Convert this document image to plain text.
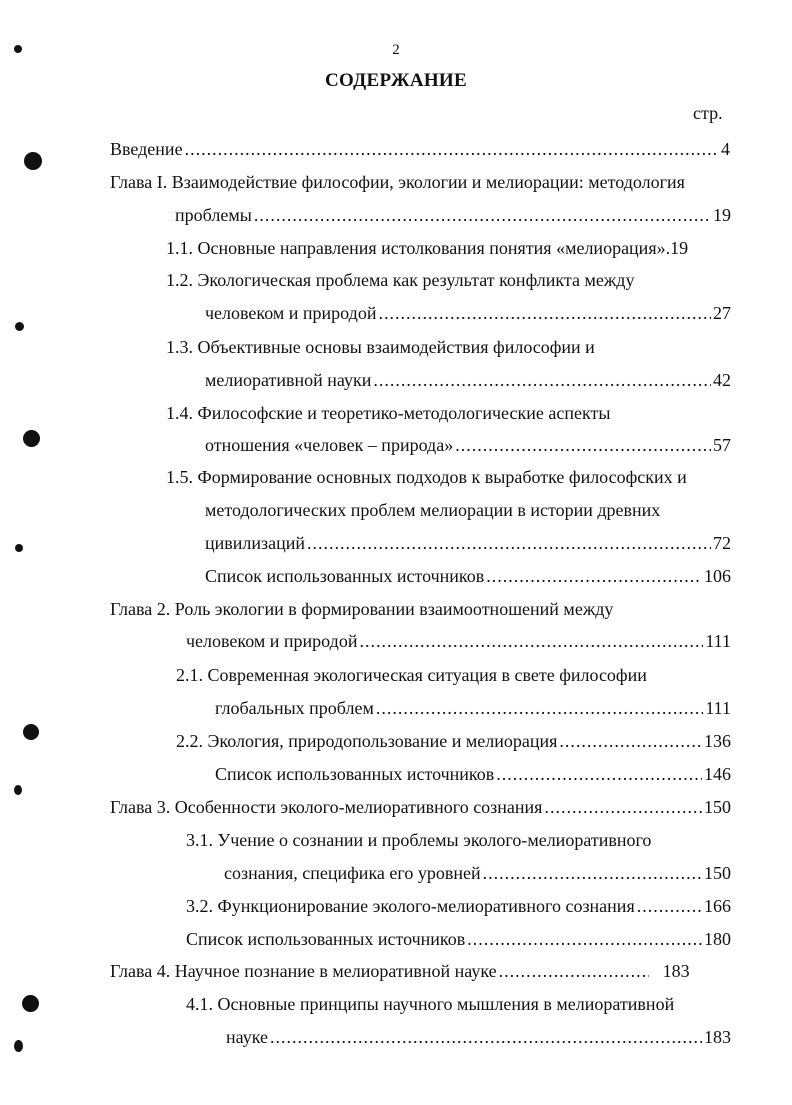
2
СОДЕРЖАНИЕ
стр.
Введение .....	4
Глава I. Взаимодействие философии, экологии и мелиорации: методология
проблемы .....	19
1.1. Основные направления истолкования понятия «мелиорация». 19
1.2. Экологическая проблема как результат конфликта между
человеком и природой .....	27
1.3. Объективные основы взаимодействия философии и
мелиоративной науки .....	42
1.4. Философские и теоретико-методологические аспекты
отношения «человек – природа» .....	57
1.5. Формирование основных подходов к выработке философских и
методологических проблем мелиорации в истории древних
цивилизаций .....	72
Список использованных источников .....	106
Глава 2. Роль экологии в формировании взаимоотношений между
человеком и природой .....	111
2.1. Современная экологическая ситуация в свете философии
глобальных проблем .....	111
2.2. Экология, природопользование и мелиорация .....	136
Список использованных источников .....	146
Глава 3. Особенности эколого-мелиоративного сознания .....	150
3.1. Учение о сознании и проблемы эколого-мелиоративного
сознания, специфика его уровней .....	150
3.2. Функционирование эколого-мелиоративного сознания .....	166
Список использованных источников .....	180
Глава 4. Научное познание в мелиоративной науке .....	183
4.1. Основные принципы научного мышления в мелиоративной
науке .....	183
